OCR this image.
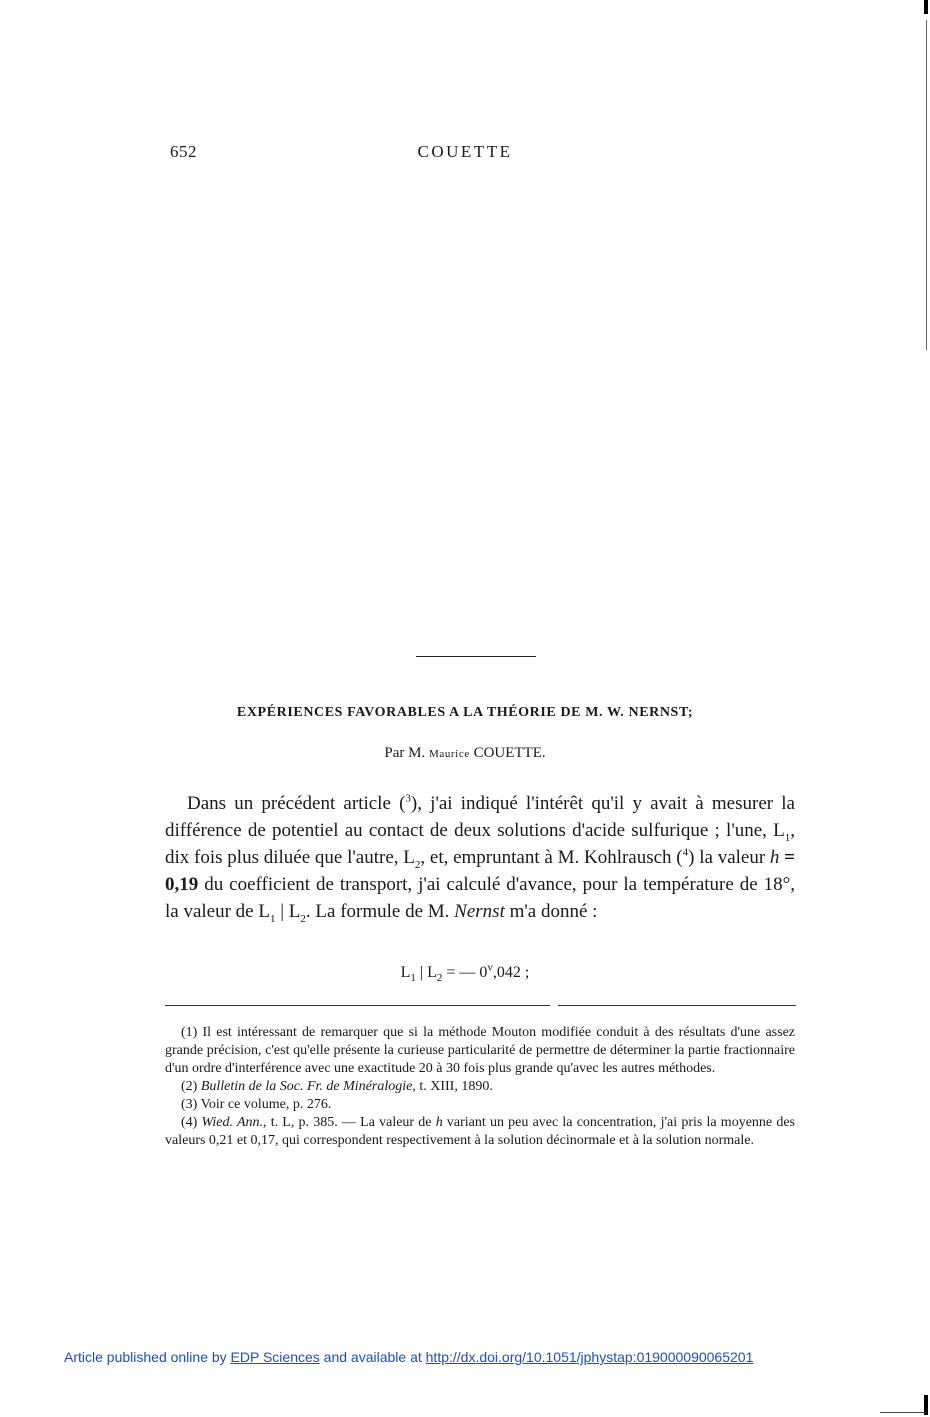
652	COUETTE
EXPÉRIENCES FAVORABLES A LA THÉORIE DE M. W. NERNST;
Par M. Maurice COUETTE.

Dans un précédent article ($^3$), j'ai indiqué l'intérêt qu'il y avait à mesurer la différence de potentiel au contact de deux solutions d'acide sulfurique ; l'une, $L_1$, dix fois plus diluée que l'autre, $L_2$, et, empruntant à M. Kohlrausch ($^4$) la valeur h = 0,19 du coefficient de transport, j'ai calculé d'avance, pour la température de 18°, la valeur de $L_1$ | $L_2$. La formule de M. Nernst m'a donné :

$L_1$ | $L_2$ = — 0$^v$,042 ;

(1) Il est intéressant de remarquer que si la méthode Mouton modifiée conduit à des résultats d'une assez grande précision, c'est qu'elle présente la curieuse particularité de permettre de déterminer la partie fractionnaire d'un ordre d'interférence avec une exactitude 20 à 30 fois plus grande qu'avec les autres méthodes.

(2) Bulletin de la Soc. Fr. de Minéralogie, t. XIII, 1890.

(3) Voir ce volume, p. 276.

(4) Wied. Ann., t. L, p. 385. — La valeur de h variant un peu avec la concentration, j'ai pris la moyenne des valeurs 0,21 et 0,17, qui correspondent respectivement à la solution décinormale et à la solution normale.

Article published online by EDP Sciences and available at http://dx.doi.org/10.1051/jphystap:019000090065201
